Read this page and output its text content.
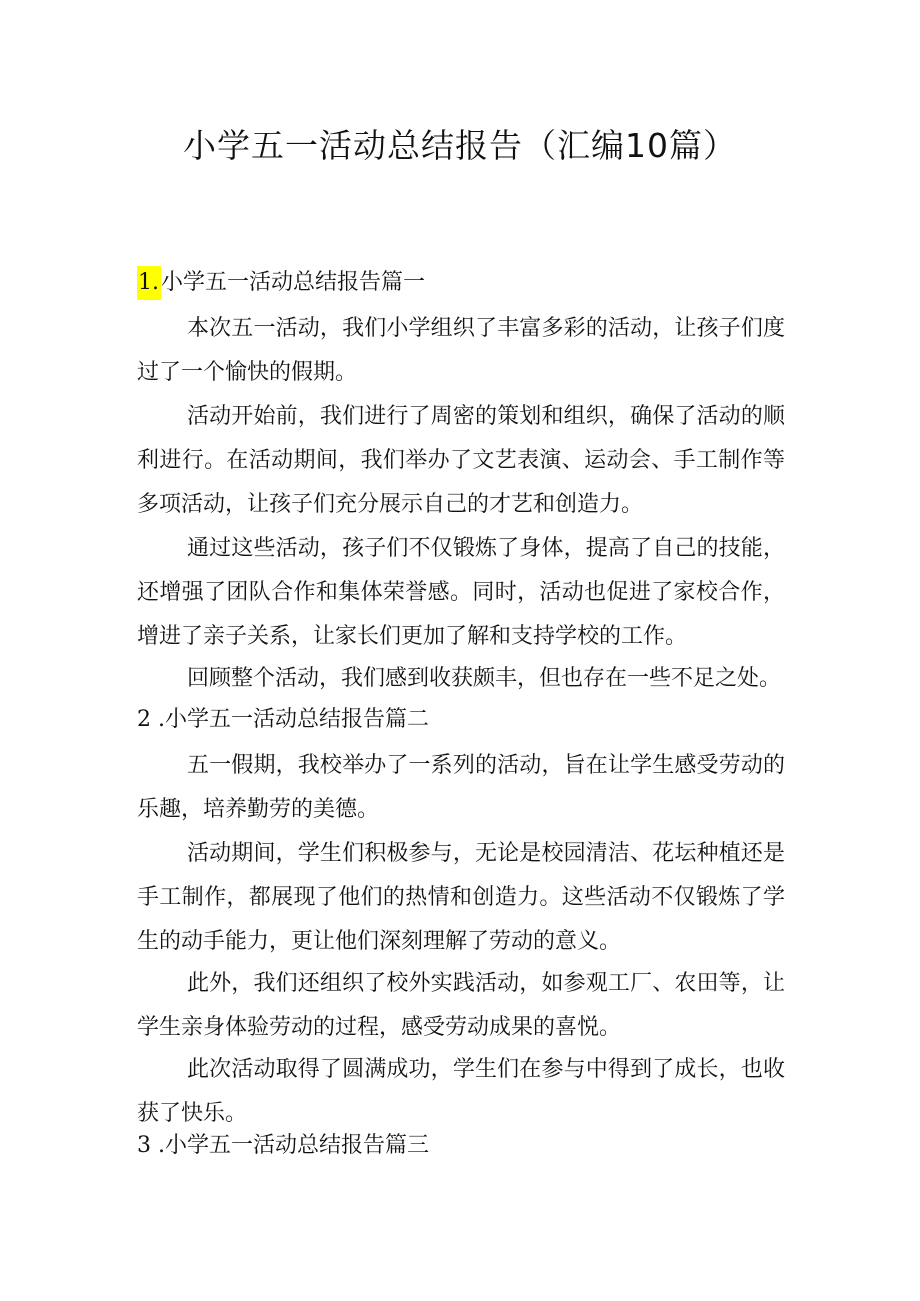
小学五一活动总结报告（汇编10篇）
1.小学五一活动总结报告篇一

本次五一活动，我们小学组织了丰富多彩的活动，让孩子们度过了一个愉快的假期。

活动开始前，我们进行了周密的策划和组织，确保了活动的顺利进行。在活动期间，我们举办了文艺表演、运动会、手工制作等多项活动，让孩子们充分展示自己的才艺和创造力。

通过这些活动，孩子们不仅锻炼了身体，提高了自己的技能，还增强了团队合作和集体荣誉感。同时，活动也促进了家校合作，增进了亲子关系，让家长们更加了解和支持学校的工作。

回顾整个活动，我们感到收获颇丰，但也存在一些不足之处。

2 .小学五一活动总结报告篇二

五一假期，我校举办了一系列的活动，旨在让学生感受劳动的乐趣，培养勤劳的美德。

活动期间，学生们积极参与，无论是校园清洁、花坛种植还是手工制作，都展现了他们的热情和创造力。这些活动不仅锻炼了学生的动手能力，更让他们深刻理解了劳动的意义。

此外，我们还组织了校外实践活动，如参观工厂、农田等，让学生亲身体验劳动的过程，感受劳动成果的喜悦。

此次活动取得了圆满成功，学生们在参与中得到了成长，也收获了快乐。

3 .小学五一活动总结报告篇三
